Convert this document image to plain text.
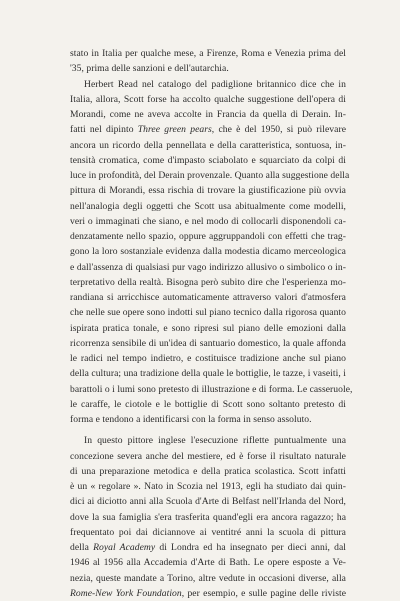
stato in Italia per qualche mese, a Firenze, Roma e Venezia prima del
'35, prima delle sanzioni e dell'autarchia.
Herbert Read nel catalogo del padiglione britannico dice che in
Italia, allora, Scott forse ha accolto qualche suggestione dell'opera di
Morandi, come ne aveva accolte in Francia da quella di Derain. In-
fatti nel dipinto Three green pears, che è del 1950, si può rilevare
ancora un ricordo della pennellata e della caratteristica, sontuosa, in-
tensità cromatica, come d'impasto sciabolato e squarciato da colpi di
luce in profondità, del Derain provenzale. Quanto alla suggestione della
pittura di Morandi, essa rischia di trovare la giustificazione più ovvia
nell'analogia degli oggetti che Scott usa abitualmente come modelli,
veri o immaginati che siano, e nel modo di collocarli disponendoli ca-
denzatamente nello spazio, oppure aggruppandoli con effetti che trag-
gono la loro sostanziale evidenza dalla modestia dicamo merceologica
e dall'assenza di qualsiasi pur vago indirizzo allusivo o simbolico o in-
terpretativo della realtà. Bisogna però subito dire che l'esperienza mo-
randiana si arricchisce automaticamente attraverso valori d'atmosfera
che nelle sue opere sono indotti sul piano tecnico dalla rigorosa quanto
ispirata pratica tonale, e sono ripresi sul piano delle emozioni dalla
ricorrenza sensibile di un'idea di santuario domestico, la quale affonda
le radici nel tempo indietro, e costituisce tradizione anche sul piano
della cultura; una tradizione della quale le bottiglie, le tazze, i vaseiti, i
barattoli o i lumi sono pretesto di illustrazione e di forma. Le casseruole,
le caraffe, le ciotole e le bottiglie di Scott sono soltanto pretesto di
forma e tendono a identificarsi con la forma in senso assoluto.
In questo pittore inglese l'esecuzione riflette puntualmente una
concezione severa anche del mestiere, ed è forse il risultato naturale
di una preparazione metodica e della pratica scolastica. Scott infatti
è un « regolare ». Nato in Scozia nel 1913, egli ha studiato dai quin-
dici ai diciotto anni alla Scuola d'Arte di Belfast nell'Irlanda del Nord,
dove la sua famiglia s'era trasferita quand'egli era ancora ragazzo; ha
frequentato poi dai diciannove ai ventitré anni la scuola di pittura
della Royal Academy di Londra ed ha insegnato per dieci anni, dal
1946 al 1956 alla Accademia d'Arte di Bath. Le opere esposte a Ve-
nezia, queste mandate a Torino, altre vedute in occasioni diverse, alla
Rome-New York Foundation, per esempio, e sulle pagine delle riviste
